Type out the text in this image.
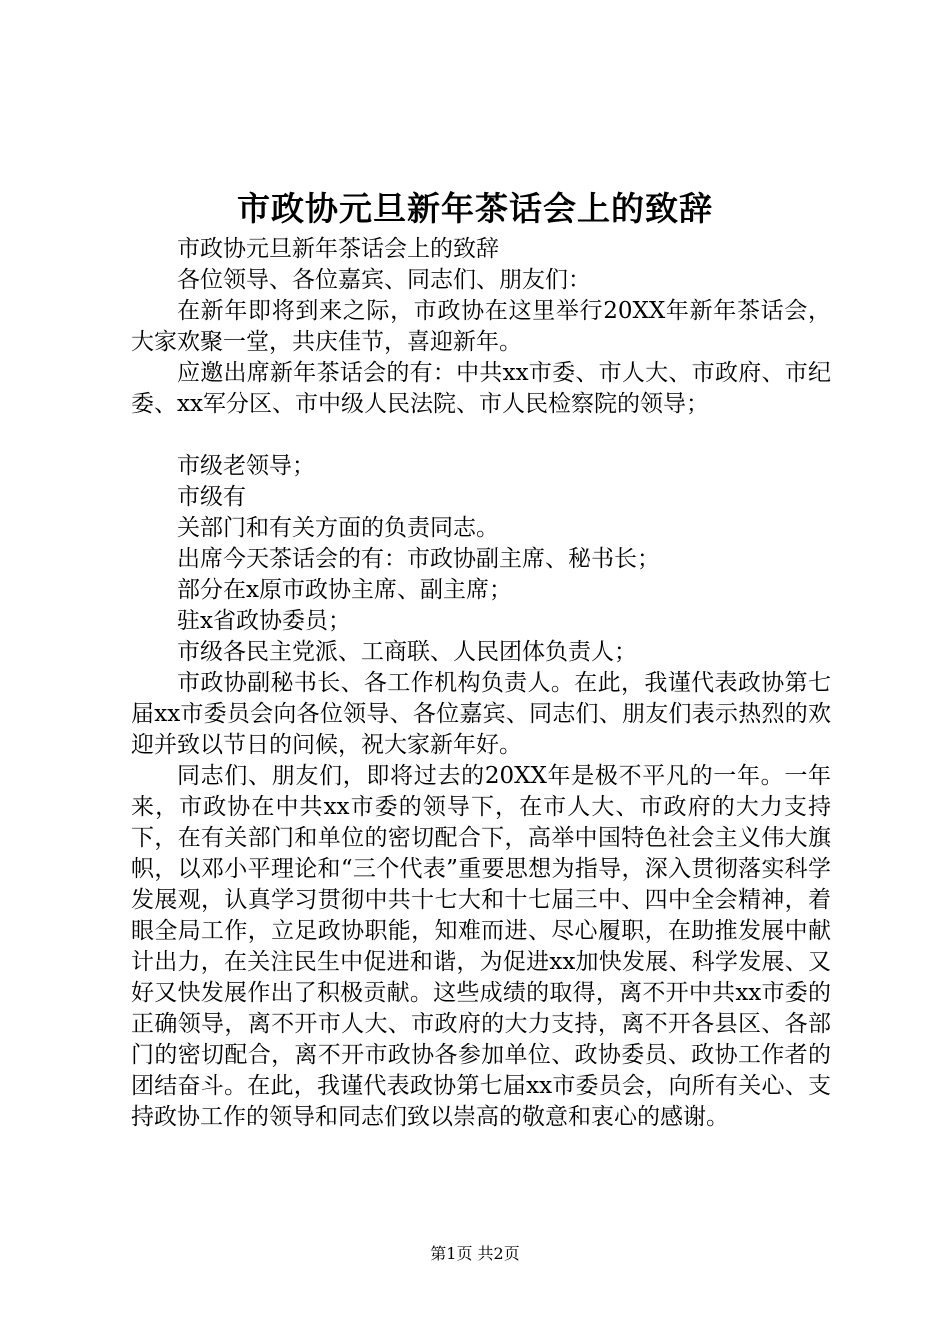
市政协元旦新年茶话会上的致辞

市政协元旦新年茶话会上的致辞

各位领导、各位嘉宾、同志们、朋友们：

在新年即将到来之际，市政协在这里举行20XX年新年茶话会，大家欢聚一堂，共庆佳节，喜迎新年。

应邀出席新年茶话会的有：中共xx市委、市人大、市政府、市纪委、xx军分区、市中级人民法院、市人民检察院的领导；

市级老领导；

市级有

关部门和有关方面的负责同志。

出席今天茶话会的有：市政协副主席、秘书长；

部分在x原市政协主席、副主席；

驻x省政协委员；

市级各民主党派、工商联、人民团体负责人；

市政协副秘书长、各工作机构负责人。在此，我谨代表政协第七届xx市委员会向各位领导、各位嘉宾、同志们、朋友们表示热烈的欢迎并致以节日的问候，祝大家新年好。

同志们、朋友们，即将过去的20XX年是极不平凡的一年。一年来，市政协在中共xx市委的领导下，在市人大、市政府的大力支持下，在有关部门和单位的密切配合下，高举中国特色社会主义伟大旗帜，以邓小平理论和“三个代表”重要思想为指导，深入贯彻落实科学发展观，认真学习贯彻中共十七大和十七届三中、四中全会精神，着眼全局工作，立足政协职能，知难而进、尽心履职，在助推发展中献计出力，在关注民生中促进和谐，为促进xx加快发展、科学发展、又好又快发展作出了积极贡献。这些成绩的取得，离不开中共xx市委的正确领导，离不开市人大、市政府的大力支持，离不开各县区、各部门的密切配合，离不开市政协各参加单位、政协委员、政协工作者的团结奋斗。在此，我谨代表政协第七届xx市委员会，向所有关心、支持政协工作的领导和同志们致以崇高的敬意和衷心的感谢。

第1页 共2页
